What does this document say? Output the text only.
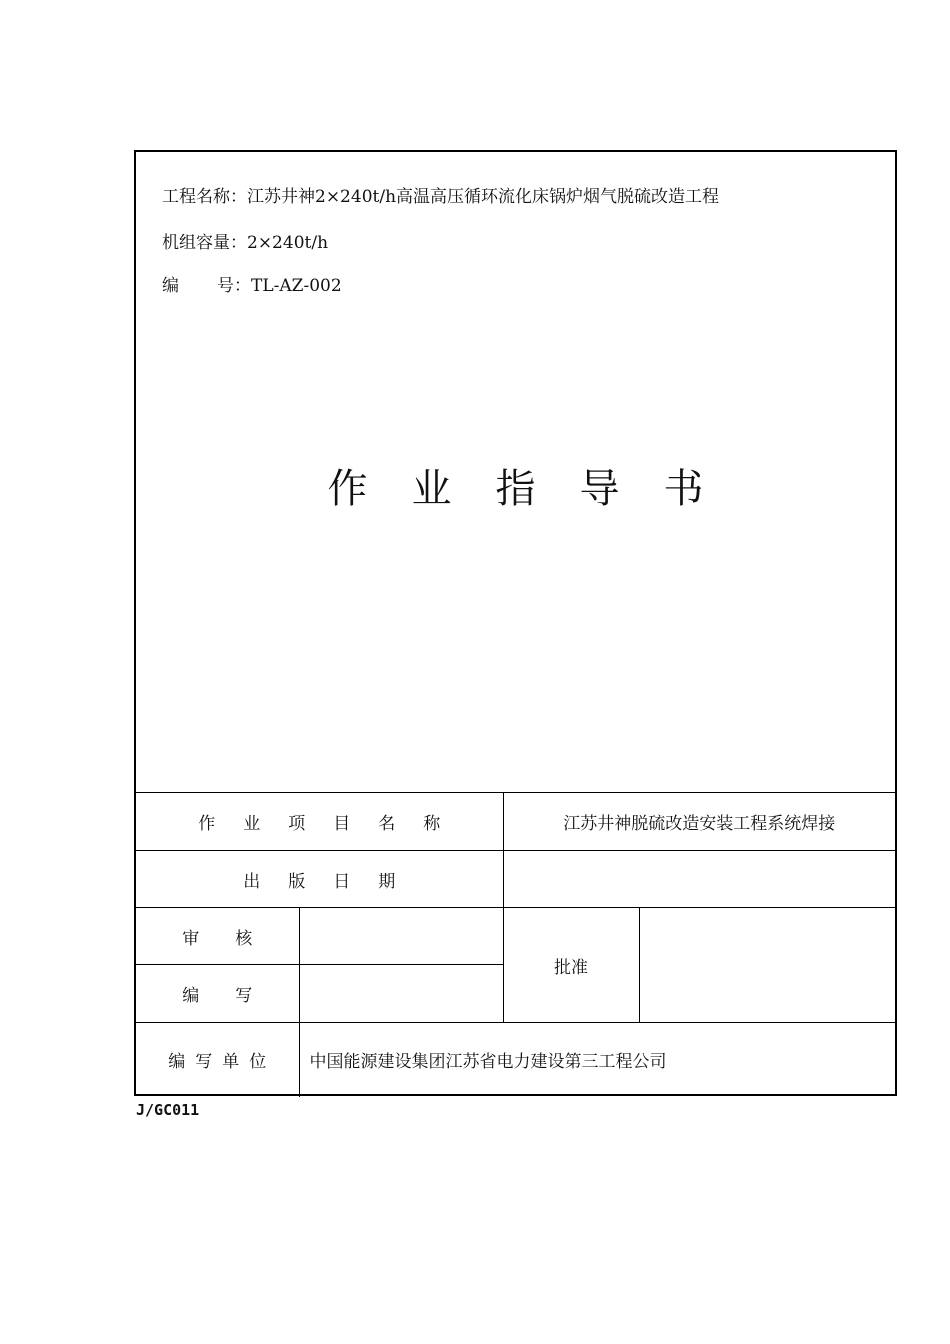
工程名称：江苏井神2×240t/h高温高压循环流化床锅炉烟气脱硫改造工程
机组容量：2×240t/h
编 号：TL-AZ-002
作业指导书
作业项目名称		江苏井神脱硫改造安装工程系统焊接	
出版日期			
审核		批准	
编写			
编写单位	中国能源建设集团江苏省电力建设第三工程公司		
J/GC011
